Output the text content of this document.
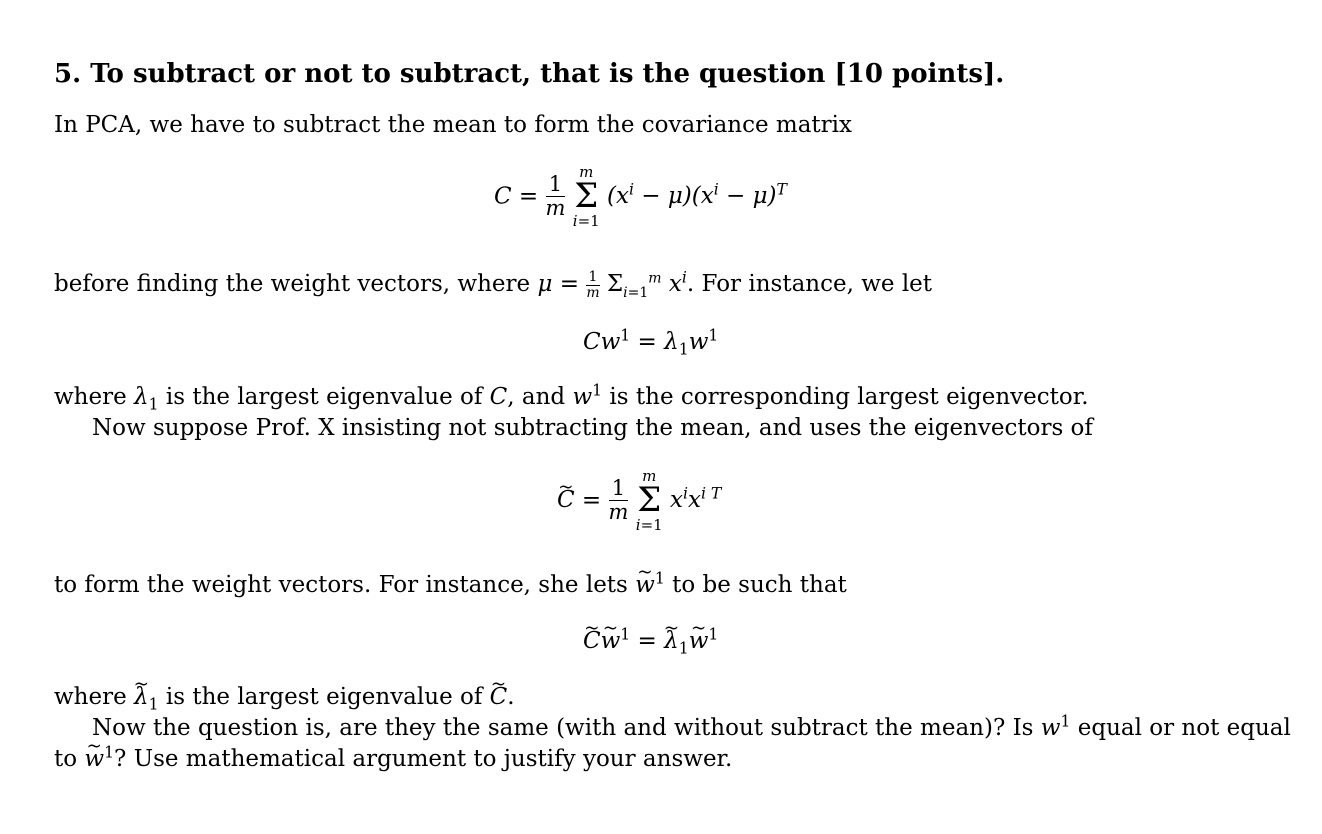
5. To subtract or not to subtract, that is the question [10 points].
In PCA, we have to subtract the mean to form the covariance matrix
$C = \frac{1}{m}$

m
Σ
i=1
$(x^i - \mu)(x^i - \mu)^T$
before finding the weight vectors, where $\mu = \frac{1}{m} \Sigma_{i=1}^m$ $x^i$. For instance, we let
$Cw^1 = \lambda_1w^1$
where $\lambda_1$ is the largest eigenvalue of C, and $w^1$ is the corresponding largest eigenvector.
Now suppose Prof. X insisting not subtracting the mean, and uses the eigenvectors of
~ $C = \frac{1}{m}$

m
Σ
i=1
$x^ix^{i T}$
to form the weight vectors. For instance, she lets ~ $w^1$ to be such that
~ C~ $w^1$ = ~ $\lambda_1\sim$ $w^1$
where ~ $\lambda_1$ is the largest eigenvalue of ~ C.
Now the question is, are they the same (with and without subtract the mean)? Is $w^1$ equal or not equal
to ~ $w^1$? Use mathematical argument to justify your answer.
